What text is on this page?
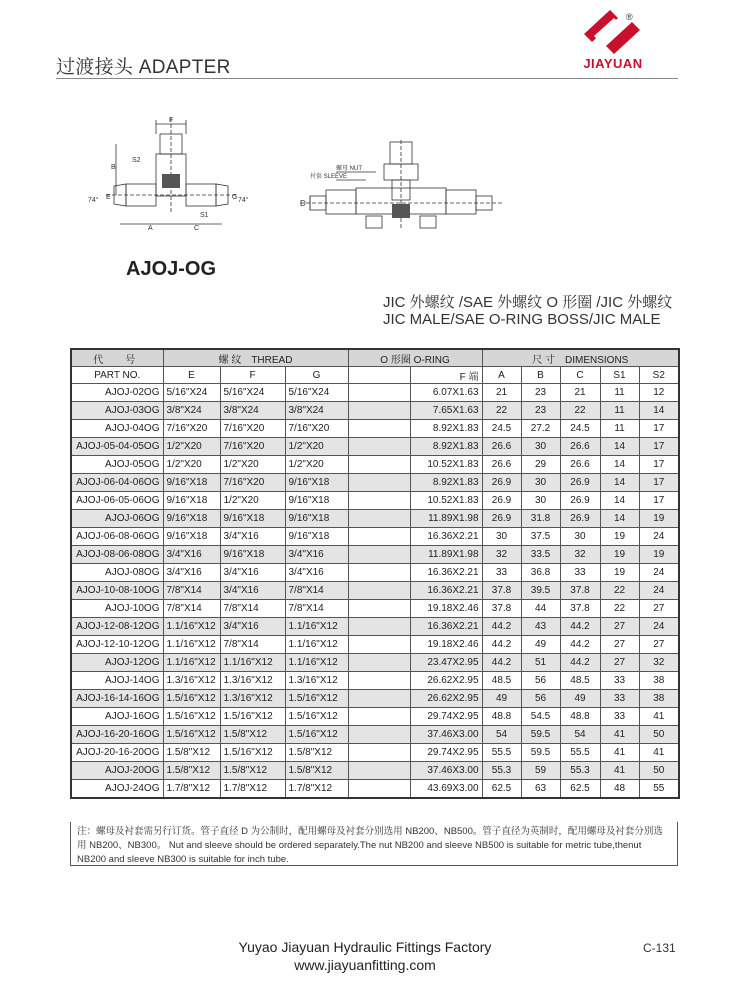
过渡接头 ADAPTER
®
JIAYUAN
F
B
S2
E	G
S1
A	C
74°	74°
螺母 NUT
衬套 SLEEVE
D
AJOJ-OG
JIC 外螺纹 /SAE 外螺纹 O 形圈 /JIC 外螺纹
JIC MALE/SAE O-RING BOSS/JIC MALE
代　号	螺 纹　THREAD			O 形圈 O-RING		尺 寸　DIMENSIONS				
PART NO.	E	F	G		F 端	A	B	C	S1	S2
AJOJ-02OG	5/16"X24	5/16"X24	5/16"X24		6.07X1.63	21	23	21	11	12
AJOJ-03OG	3/8"X24	3/8"X24	3/8"X24		7.65X1.63	22	23	22	11	14
AJOJ-04OG	7/16"X20	7/16"X20	7/16"X20		8.92X1.83	24.5	27.2	24.5	11	17
AJOJ-05-04-05OG	1/2"X20	7/16"X20	1/2"X20		8.92X1.83	26.6	30	26.6	14	17
AJOJ-05OG	1/2"X20	1/2"X20	1/2"X20		10.52X1.83	26.6	29	26.6	14	17
AJOJ-06-04-06OG	9/16"X18	7/16"X20	9/16"X18		8.92X1.83	26.9	30	26.9	14	17
AJOJ-06-05-06OG	9/16"X18	1/2"X20	9/16"X18		10.52X1.83	26.9	30	26.9	14	17
AJOJ-06OG	9/16"X18	9/16"X18	9/16"X18		11.89X1.98	26.9	31.8	26.9	14	19
AJOJ-06-08-06OG	9/16"X18	3/4"X16	9/16"X18		16.36X2.21	30	37.5	30	19	24
AJOJ-08-06-08OG	3/4"X16	9/16"X18	3/4"X16		11.89X1.98	32	33.5	32	19	19
AJOJ-08OG	3/4"X16	3/4"X16	3/4"X16		16.36X2.21	33	36.8	33	19	24
AJOJ-10-08-10OG	7/8"X14	3/4"X16	7/8"X14		16.36X2.21	37.8	39.5	37.8	22	24
AJOJ-10OG	7/8"X14	7/8"X14	7/8"X14		19.18X2.46	37.8	44	37.8	22	27
AJOJ-12-08-12OG	1.1/16"X12	3/4"X16	1.1/16"X12		16.36X2.21	44.2	43	44.2	27	24
AJOJ-12-10-12OG	1.1/16"X12	7/8"X14	1.1/16"X12		19.18X2.46	44.2	49	44.2	27	27
AJOJ-12OG	1.1/16"X12	1.1/16"X12	1.1/16"X12		23.47X2.95	44.2	51	44.2	27	32
AJOJ-14OG	1.3/16"X12	1.3/16"X12	1.3/16"X12		26.62X2.95	48.5	56	48.5	33	38
AJOJ-16-14-16OG	1.5/16"X12	1.3/16"X12	1.5/16"X12		26.62X2.95	49	56	49	33	38
AJOJ-16OG	1.5/16"X12	1.5/16"X12	1.5/16"X12		29.74X2.95	48.8	54.5	48.8	33	41
AJOJ-16-20-16OG	1.5/16"X12	1.5/8"X12	1.5/16"X12		37.46X3.00	54	59.5	54	41	50
AJOJ-20-16-20OG	1.5/8"X12	1.5/16"X12	1.5/8"X12		29.74X2.95	55.5	59.5	55.5	41	41
AJOJ-20OG	1.5/8"X12	1.5/8"X12	1.5/8"X12		37.46X3.00	55.3	59	55.3	41	50
AJOJ-24OG	1.7/8"X12	1.7/8"X12	1.7/8"X12		43.69X3.00	62.5	63	62.5	48	55
注：螺母及衬套需另行订货。管子直径 D 为公制时，配用螺母及衬套分别选用 NB200、NB500。管子直径为英制时，配用螺母及衬套分别选用 NB200、NB300。 Nut and sleeve should be ordered separately.The nut NB200 and sleeve NB500 is suitable for metric tube,thenut NB200 and sleeve NB300 is suitable for inch tube.
Yuyao Jiayuan Hydraulic Fittings Factory
www.jiayuanfitting.com
C-131
